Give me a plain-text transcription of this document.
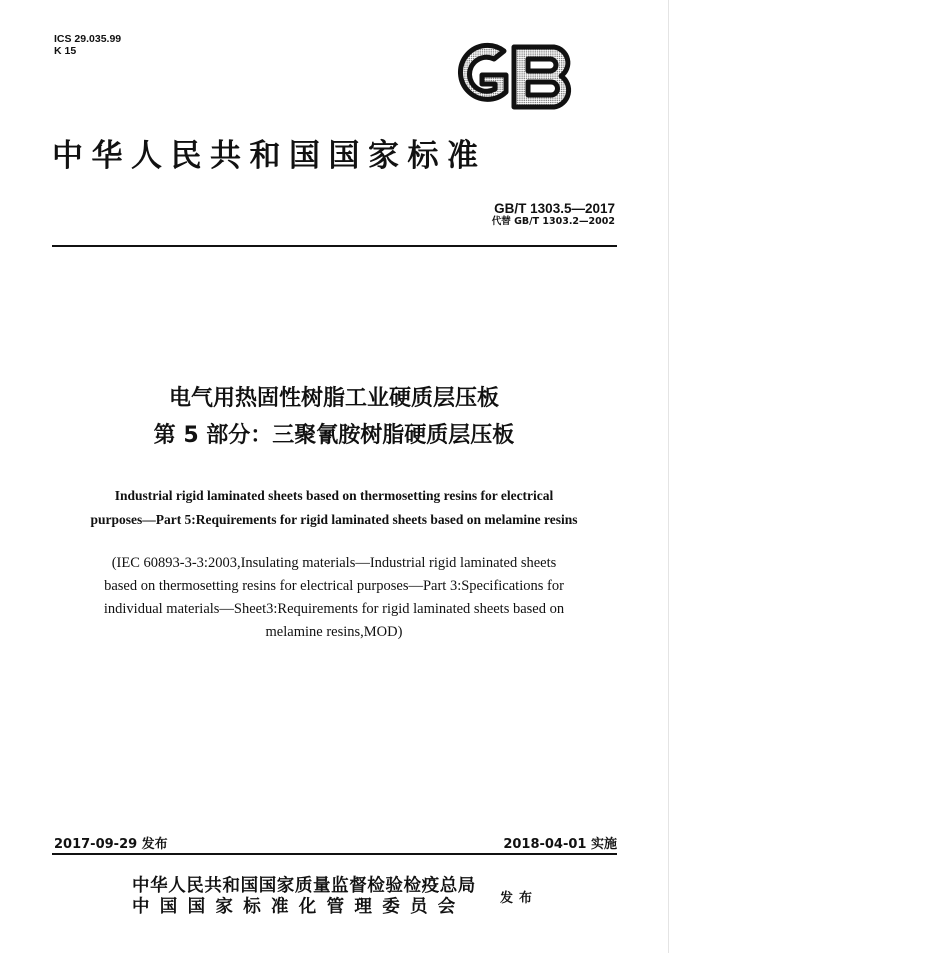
ICS 29.035.99
K 15
中华人民共和国国家标准
GB/T 1303.5—2017
代替 GB/T 1303.2—2002
电气用热固性树脂工业硬质层压板
第 5 部分：三聚氰胺树脂硬质层压板
Industrial rigid laminated sheets based on thermosetting resins for electrical
purposes—Part 5:Requirements for rigid laminated sheets based on melamine resins
(IEC 60893-3-3:2003,Insulating materials—Industrial rigid laminated sheets
based on thermosetting resins for electrical purposes—Part 3:Specifications for
individual materials—Sheet3:Requirements for rigid laminated sheets based on
melamine resins,MOD)
2017-09-29 发布	2018-04-01 实施
中华人民共和国国家质量监督检验检疫总局
中国国家标准化管理委员会	发布
